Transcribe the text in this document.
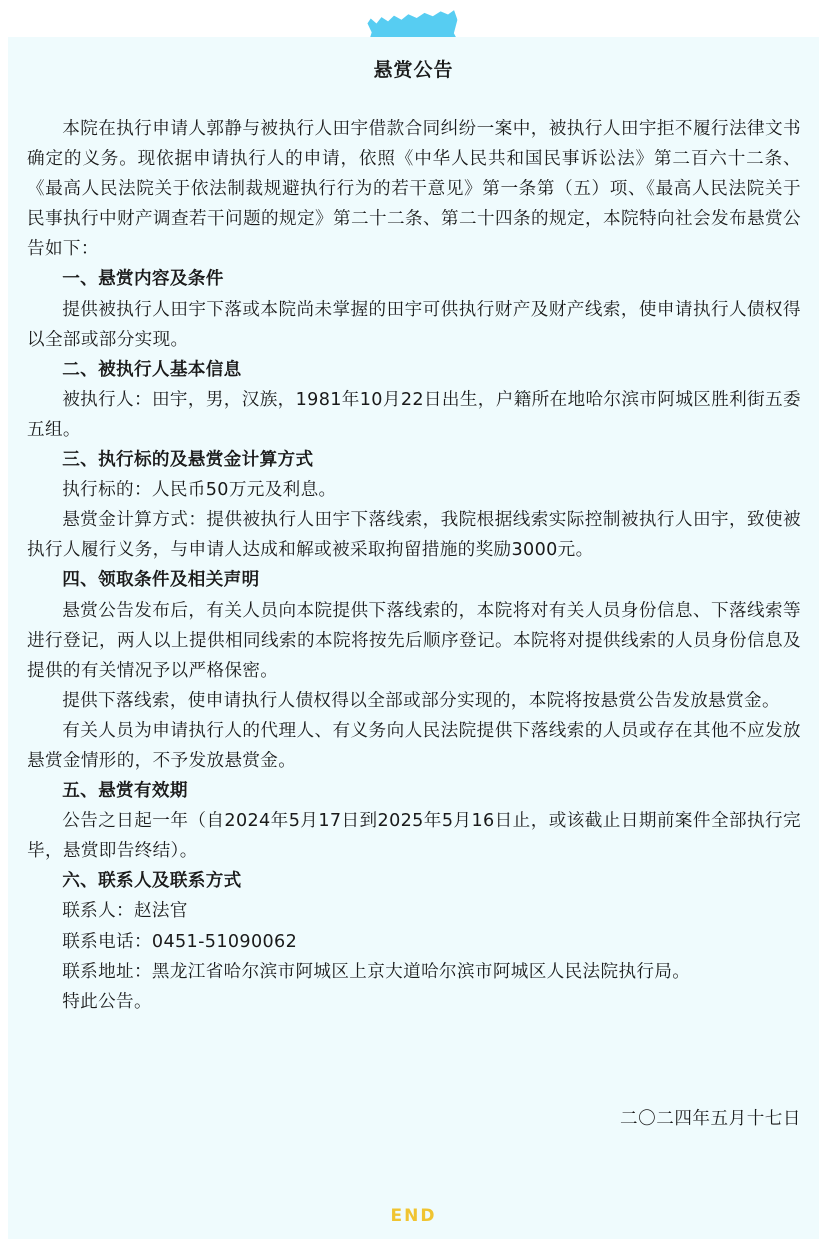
悬赏公告

本院在执行申请人郭静与被执行人田宇借款合同纠纷一案中，被执行人田宇拒不履行法律文书确定的义务。现依据申请执行人的申请，依照《中华人民共和国民事诉讼法》第二百六十二条、《最高人民法院关于依法制裁规避执行行为的若干意见》第一条第（五）项、《最高人民法院关于民事执行中财产调查若干问题的规定》第二十二条、第二十四条的规定，本院特向社会发布悬赏公告如下：

一、悬赏内容及条件

提供被执行人田宇下落或本院尚未掌握的田宇可供执行财产及财产线索，使申请执行人债权得以全部或部分实现。

二、被执行人基本信息

被执行人：田宇，男，汉族，1981年10月22日出生，户籍所在地哈尔滨市阿城区胜利街五委五组。

三、执行标的及悬赏金计算方式

执行标的：人民币50万元及利息。

悬赏金计算方式：提供被执行人田宇下落线索，我院根据线索实际控制被执行人田宇，致使被执行人履行义务，与申请人达成和解或被采取拘留措施的奖励3000元。

四、领取条件及相关声明

悬赏公告发布后，有关人员向本院提供下落线索的，本院将对有关人员身份信息、下落线索等进行登记，两人以上提供相同线索的本院将按先后顺序登记。本院将对提供线索的人员身份信息及提供的有关情况予以严格保密。

提供下落线索，使申请执行人债权得以全部或部分实现的，本院将按悬赏公告发放悬赏金。

有关人员为申请执行人的代理人、有义务向人民法院提供下落线索的人员或存在其他不应发放悬赏金情形的，不予发放悬赏金。

五、悬赏有效期

公告之日起一年（自2024年5月17日到2025年5月16日止，或该截止日期前案件全部执行完毕，悬赏即告终结）。

六、联系人及联系方式

联系人：赵法官

联系电话：0451-51090062

联系地址：黑龙江省哈尔滨市阿城区上京大道哈尔滨市阿城区人民法院执行局。

特此公告。

二〇二四年五月十七日
END
